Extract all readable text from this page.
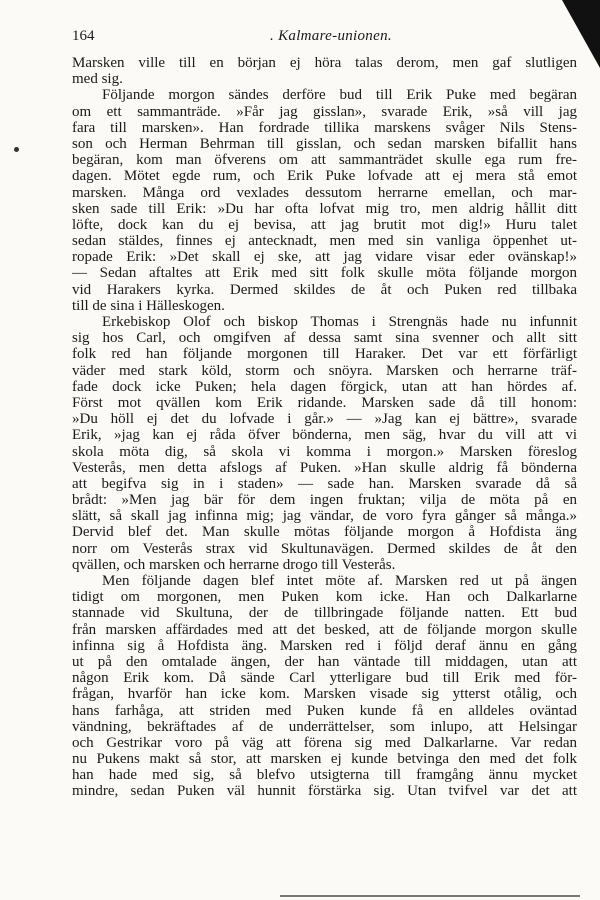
164	. Kalmare-unionen.
Marsken ville till en början ej höra talas derom, men gaf slutligen
med sig.
Följande morgon sändes derföre bud till Erik Puke med begäran
om ett sammanträde. »Får jag gisslan», svarade Erik, »så vill jag
fara till marsken». Han fordrade tillika marskens svåger Nils Stens-
son och Herman Behrman till gisslan, och sedan marsken bifallit hans
begäran, kom man öfverens om att sammanträdet skulle ega rum fre-
dagen. Mötet egde rum, och Erik Puke lofvade att ej mera stå emot
marsken. Många ord vexlades dessutom herrarne emellan, och mar-
sken sade till Erik: »Du har ofta lofvat mig tro, men aldrig hållit ditt
löfte, dock kan du ej bevisa, att jag brutit mot dig!» Huru talet
sedan stäldes, finnes ej antecknadt, men med sin vanliga öppenhet ut-
ropade Erik: »Det skall ej ske, att jag vidare visar eder ovänskap!»
— Sedan aftaltes att Erik med sitt folk skulle möta följande morgon
vid Harakers kyrka. Dermed skildes de åt och Puken red tillbaka
till de sina i Hälleskogen.
Erkebiskop Olof och biskop Thomas i Strengnäs hade nu infunnit
sig hos Carl, och omgifven af dessa samt sina svenner och allt sitt
folk red han följande morgonen till Haraker. Det var ett förfärligt
väder med stark köld, storm och snöyra. Marsken och herrarne träf-
fade dock icke Puken; hela dagen förgick, utan att han hördes af.
Först mot qvällen kom Erik ridande. Marsken sade då till honom:
»Du höll ej det du lofvade i går.» — »Jag kan ej bättre», svarade
Erik, »jag kan ej råda öfver bönderna, men säg, hvar du vill att vi
skola möta dig, så skola vi komma i morgon.» Marsken föreslog
Vesterås, men detta afslogs af Puken. »Han skulle aldrig få bönderna
att begifva sig in i staden» — sade han. Marsken svarade då så
brådt: »Men jag bär för dem ingen fruktan; vilja de möta på en
slätt, så skall jag infinna mig; jag vändar, de voro fyra gånger så många.»
Dervid blef det. Man skulle mötas följande morgon å Hofdista äng
norr om Vesterås strax vid Skultunavägen. Dermed skildes de åt den
qvällen, och marsken och herrarne drogo till Vesterås.
Men följande dagen blef intet möte af. Marsken red ut på ängen
tidigt om morgonen, men Puken kom icke. Han och Dalkarlarne
stannade vid Skultuna, der de tillbringade följande natten. Ett bud
från marsken affärdades med att det besked, att de följande morgon skulle
infinna sig å Hofdista äng. Marsken red i följd deraf ännu en gång
ut på den omtalade ängen, der han väntade till middagen, utan att
någon Erik kom. Då sände Carl ytterligare bud till Erik med för-
frågan, hvarför han icke kom. Marsken visade sig ytterst otålig, och
hans farhåga, att striden med Puken kunde få en alldeles oväntad
vändning, bekräftades af de underrättelser, som inlupo, att Helsingar
och Gestrikar voro på väg att förena sig med Dalkarlarne. Var redan
nu Pukens makt så stor, att marsken ej kunde betvinga den med det folk
han hade med sig, så blefvo utsigterna till framgång ännu mycket
mindre, sedan Puken väl hunnit förstärka sig. Utan tvifvel var det att
